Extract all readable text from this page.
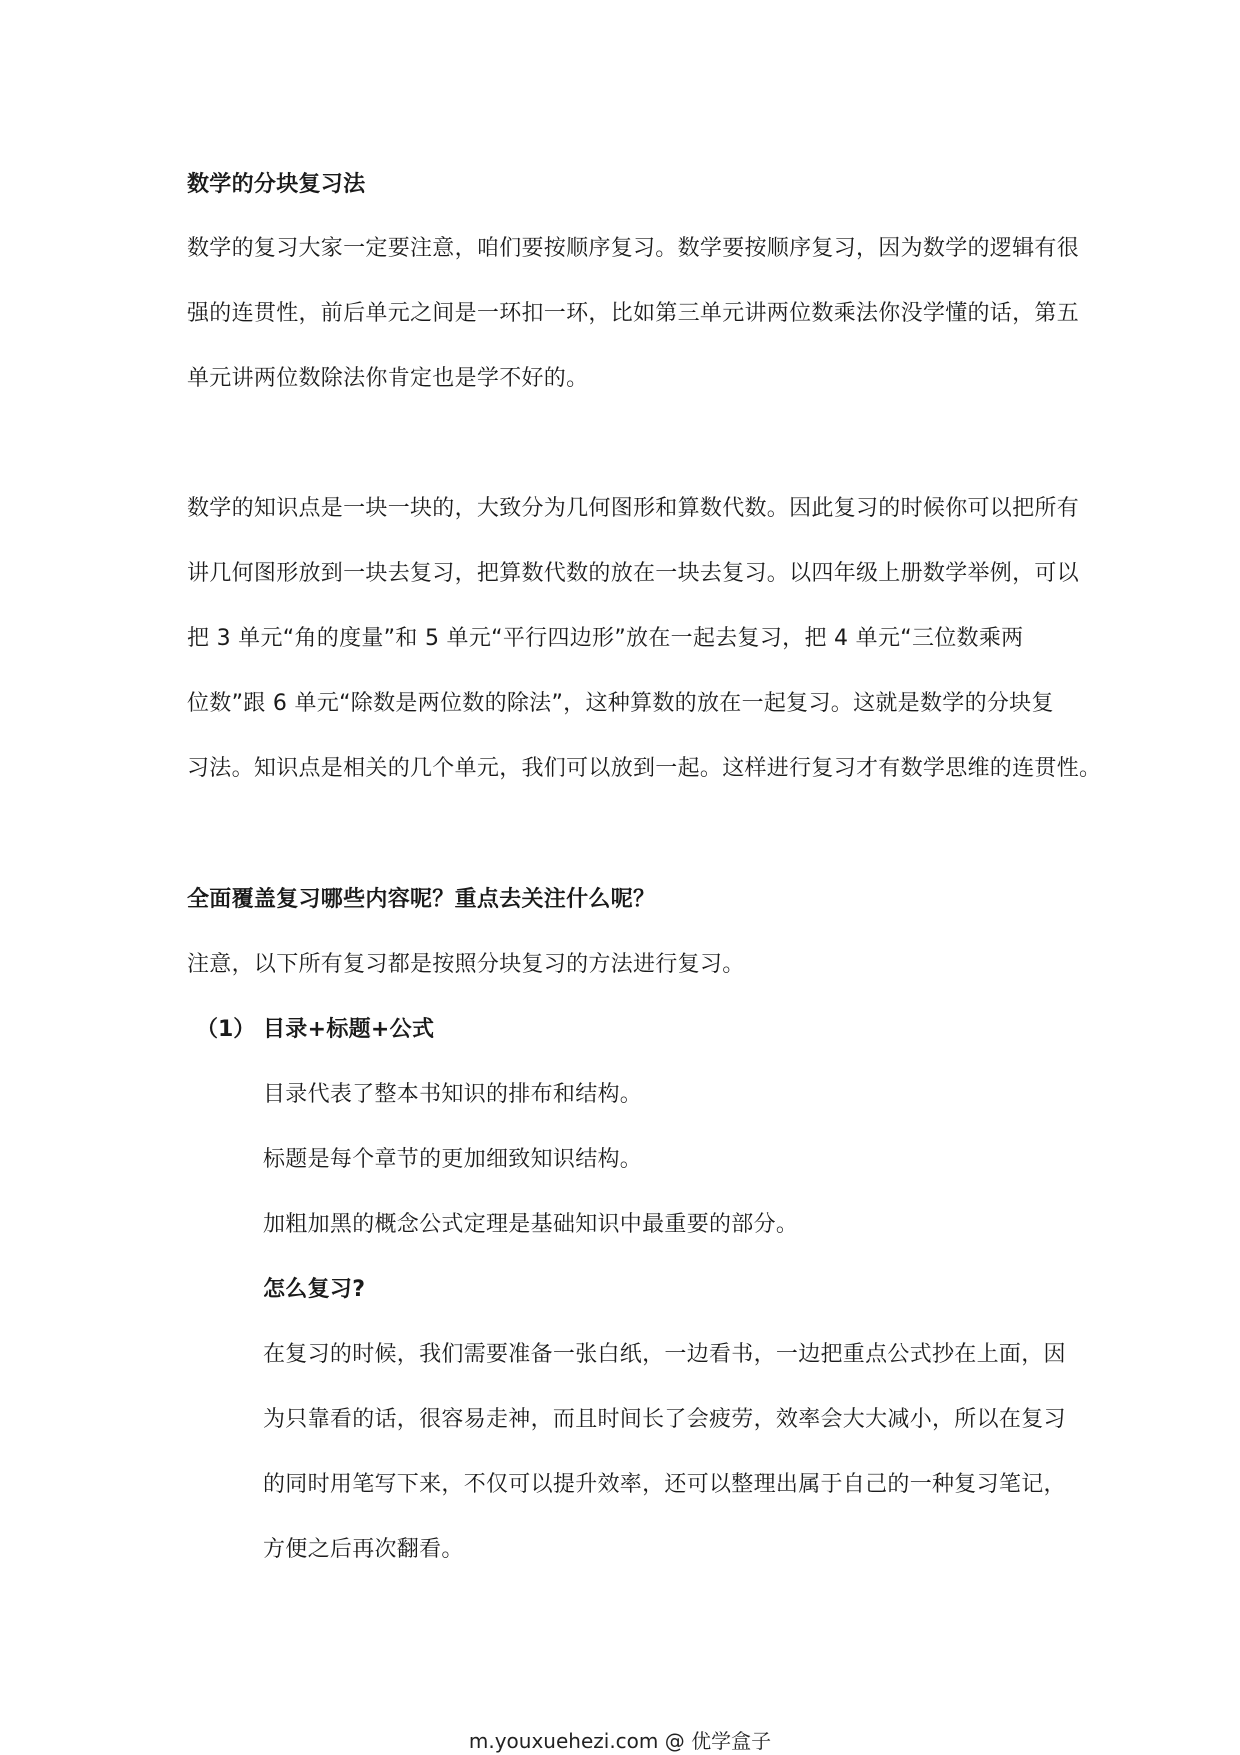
数学的分块复习法
数学的复习大家一定要注意，咱们要按顺序复习。数学要按顺序复习，因为数学的逻辑有很
强的连贯性，前后单元之间是一环扣一环，比如第三单元讲两位数乘法你没学懂的话，第五
单元讲两位数除法你肯定也是学不好的。
数学的知识点是一块一块的，大致分为几何图形和算数代数。因此复习的时候你可以把所有
讲几何图形放到一块去复习，把算数代数的放在一块去复习。以四年级上册数学举例，可以
把 3 单元“角的度量”和 5 单元“平行四边形”放在一起去复习，把 4 单元“三位数乘两
位数”跟 6 单元“除数是两位数的除法”，这种算数的放在一起复习。这就是数学的分块复
习法。知识点是相关的几个单元，我们可以放到一起。这样进行复习才有数学思维的连贯性。
全面覆盖复习哪些内容呢？重点去关注什么呢？
注意，以下所有复习都是按照分块复习的方法进行复习。
（1） 目录+标题+公式
目录代表了整本书知识的排布和结构。
标题是每个章节的更加细致知识结构。
加粗加黑的概念公式定理是基础知识中最重要的部分。
怎么复习?
在复习的时候，我们需要准备一张白纸，一边看书，一边把重点公式抄在上面，因
为只靠看的话，很容易走神，而且时间长了会疲劳，效率会大大减小，所以在复习
的同时用笔写下来，不仅可以提升效率，还可以整理出属于自己的一种复习笔记，
方便之后再次翻看。
m.youxuehezi.com @ 优学盒子
